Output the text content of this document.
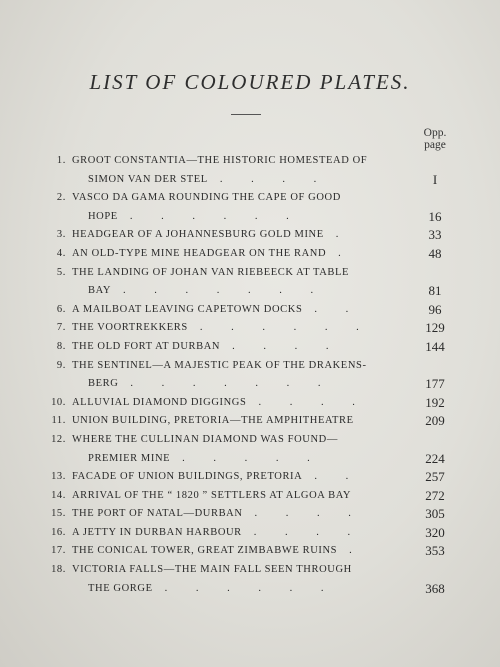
LIST OF COLOURED PLATES.
Opp.
page
1. GROOT CONSTANTIA—THE HISTORIC HOMESTEAD OF
SIMON VAN DER STEL . . . .	I
2. VASCO DA GAMA ROUNDING THE CAPE OF GOOD
HOPE . . . . . .	16
3. HEADGEAR OF A JOHANNESBURG GOLD MINE .	33
4. AN OLD-TYPE MINE HEADGEAR ON THE RAND .	48
5. THE LANDING OF JOHAN VAN RIEBEECK AT TABLE
BAY . . . . . . .	81
6. A MAILBOAT LEAVING CAPETOWN DOCKS . .	96
7. THE VOORTREKKERS . . . . . .	129
8. THE OLD FORT AT DURBAN . . . .	144
9. THE SENTINEL—A MAJESTIC PEAK OF THE DRAKENS-
BERG . . . . . . .	177
10. ALLUVIAL DIAMOND DIGGINGS . . . .	192
11. UNION BUILDING, PRETORIA—THE AMPHITHEATRE	209
12. WHERE THE CULLINAN DIAMOND WAS FOUND—
PREMIER MINE . . . . .	224
13. FACADE OF UNION BUILDINGS, PRETORIA . .	257
14. ARRIVAL OF THE “ 1820 ” SETTLERS AT ALGOA BAY	272
15. THE PORT OF NATAL—DURBAN . . . .	305
16. A JETTY IN DURBAN HARBOUR . . . .	320
17. THE CONICAL TOWER, GREAT ZIMBABWE RUINS .	353
18. VICTORIA FALLS—THE MAIN FALL SEEN THROUGH
THE GORGE . . . . . .	368
